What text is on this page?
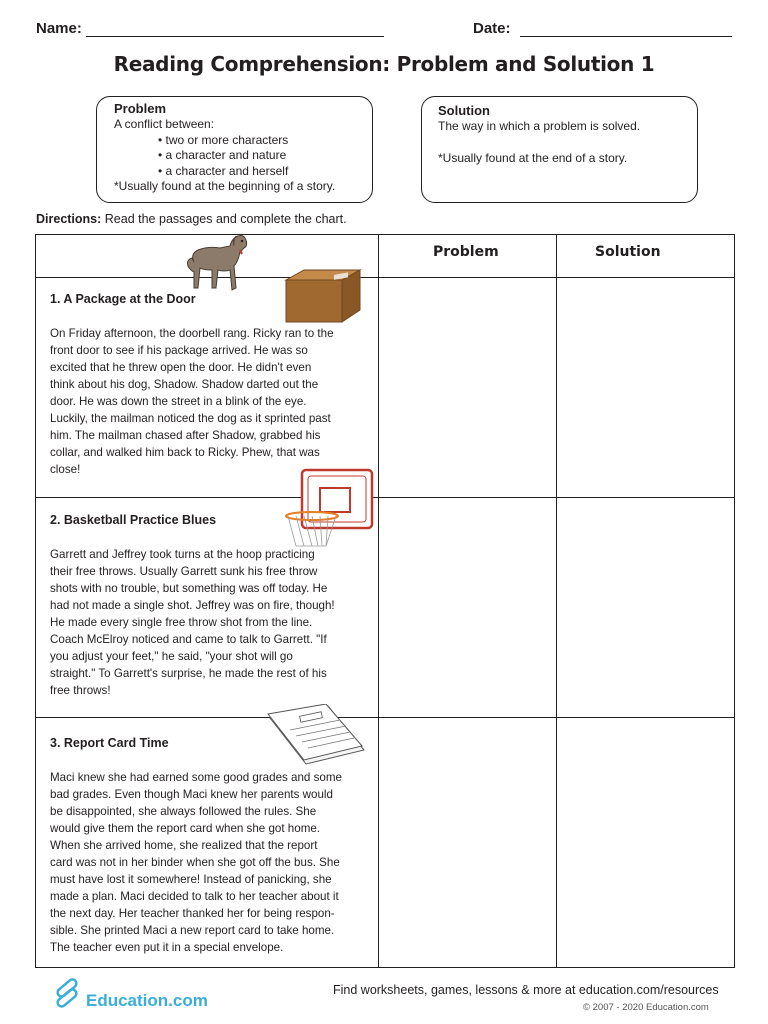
Name:	Date:
Reading Comprehension: Problem and Solution 1
Problem
A conflict between:
• two or more characters
• a character and nature
• a character and herself
*Usually found at the beginning of a story.
Solution
The way in which a problem is solved.
*Usually found at the end of a story.
Directions: Read the passages and complete the chart.
Problem	Solution
1. A Package at the Door
On Friday afternoon, the doorbell rang. Ricky ran to the
front door to see if his package arrived. He was so
excited that he threw open the door. He didn't even
think about his dog, Shadow. Shadow darted out the
door. He was down the street in a blink of the eye.
Luckily, the mailman noticed the dog as it sprinted past
him. The mailman chased after Shadow, grabbed his
collar, and walked him back to Ricky. Phew, that was
close!
2. Basketball Practice Blues
Garrett and Jeffrey took turns at the hoop practicing
their free throws. Usually Garrett sunk his free throw
shots with no trouble, but something was off today. He
had not made a single shot. Jeffrey was on fire, though!
He made every single free throw shot from the line.
Coach McElroy noticed and came to talk to Garrett. "If
you adjust your feet," he said, "your shot will go
straight." To Garrett's surprise, he made the rest of his
free throws!
3. Report Card Time
Maci knew she had earned some good grades and some
bad grades. Even though Maci knew her parents would
be disappointed, she always followed the rules. She
would give them the report card when she got home.
When she arrived home, she realized that the report
card was not in her binder when she got off the bus. She
must have lost it somewhere! Instead of panicking, she
made a plan. Maci decided to talk to her teacher about it
the next day. Her teacher thanked her for being respon-
sible. She printed Maci a new report card to take home.
The teacher even put it in a special envelope.
Education.com
Find worksheets, games, lessons & more at education.com/resources
© 2007 - 2020 Education.com
